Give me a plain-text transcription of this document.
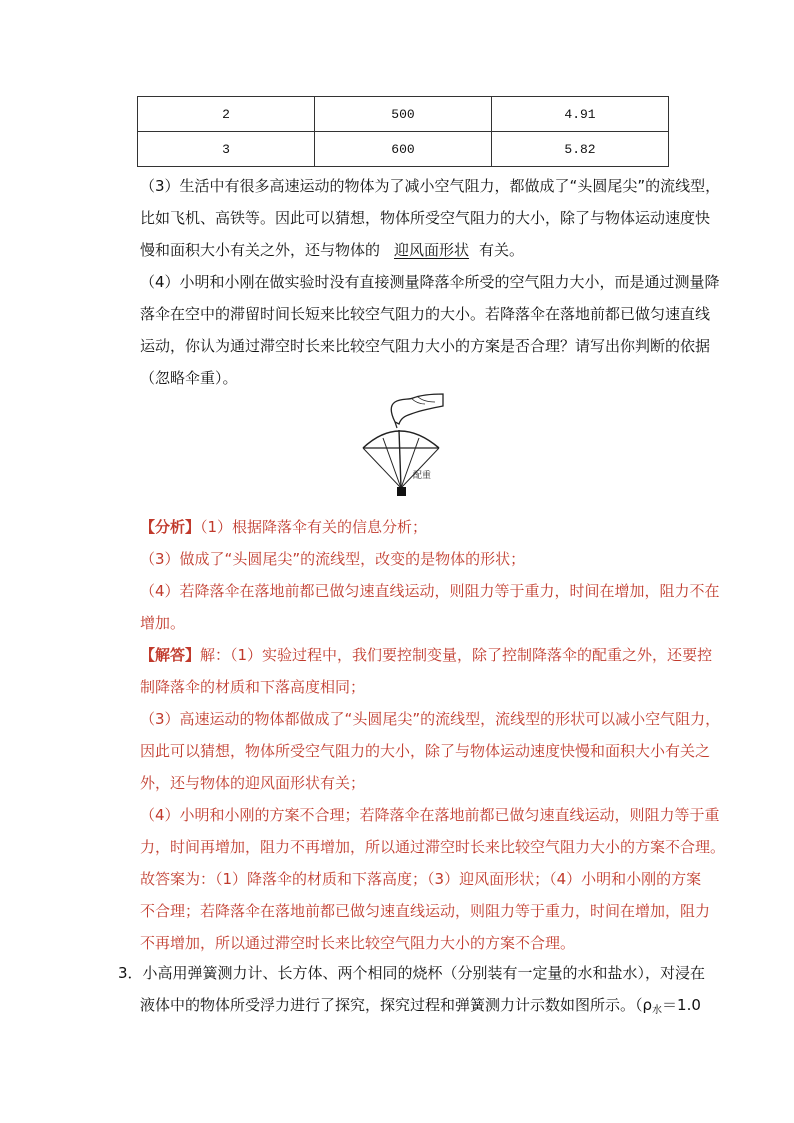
2	500	4.91
3	600	5.82
（3）生活中有很多高速运动的物体为了减小空气阻力，都做成了“头圆尾尖”的流线型，
比如飞机、高铁等。因此可以猜想，物体所受空气阻力的大小，除了与物体运动速度快
慢和面积大小有关之外，还与物体的 迎风面形状 有关。
（4）小明和小刚在做实验时没有直接测量降落伞所受的空气阻力大小，而是通过测量降
落伞在空中的滞留时间长短来比较空气阻力的大小。若降落伞在落地前都已做匀速直线
运动，你认为通过滞空时长来比较空气阻力大小的方案是否合理？请写出你判断的依据
（忽略伞重）。
配重
【分析】（1）根据降落伞有关的信息分析；
（3）做成了“头圆尾尖”的流线型，改变的是物体的形状；
（4）若降落伞在落地前都已做匀速直线运动，则阻力等于重力，时间在增加，阻力不在
增加。
【解答】解：（1）实验过程中，我们要控制变量，除了控制降落伞的配重之外，还要控
制降落伞的材质和下落高度相同；
（3）高速运动的物体都做成了“头圆尾尖”的流线型，流线型的形状可以减小空气阻力，
因此可以猜想，物体所受空气阻力的大小，除了与物体运动速度快慢和面积大小有关之
外，还与物体的迎风面形状有关；
（4）小明和小刚的方案不合理；若降落伞在落地前都已做匀速直线运动，则阻力等于重
力，时间再增加，阻力不再增加，所以通过滞空时长来比较空气阻力大小的方案不合理。
故答案为：（1）降落伞的材质和下落高度；（3）迎风面形状；（4）小明和小刚的方案
不合理；若降落伞在落地前都已做匀速直线运动，则阻力等于重力，时间在增加，阻力
不再增加，所以通过滞空时长来比较空气阻力大小的方案不合理。
3．小高用弹簧测力计、长方体、两个相同的烧杯（分别装有一定量的水和盐水），对浸在
液体中的物体所受浮力进行了探究，探究过程和弹簧测力计示数如图所示。（$\rho_水=1.0$
